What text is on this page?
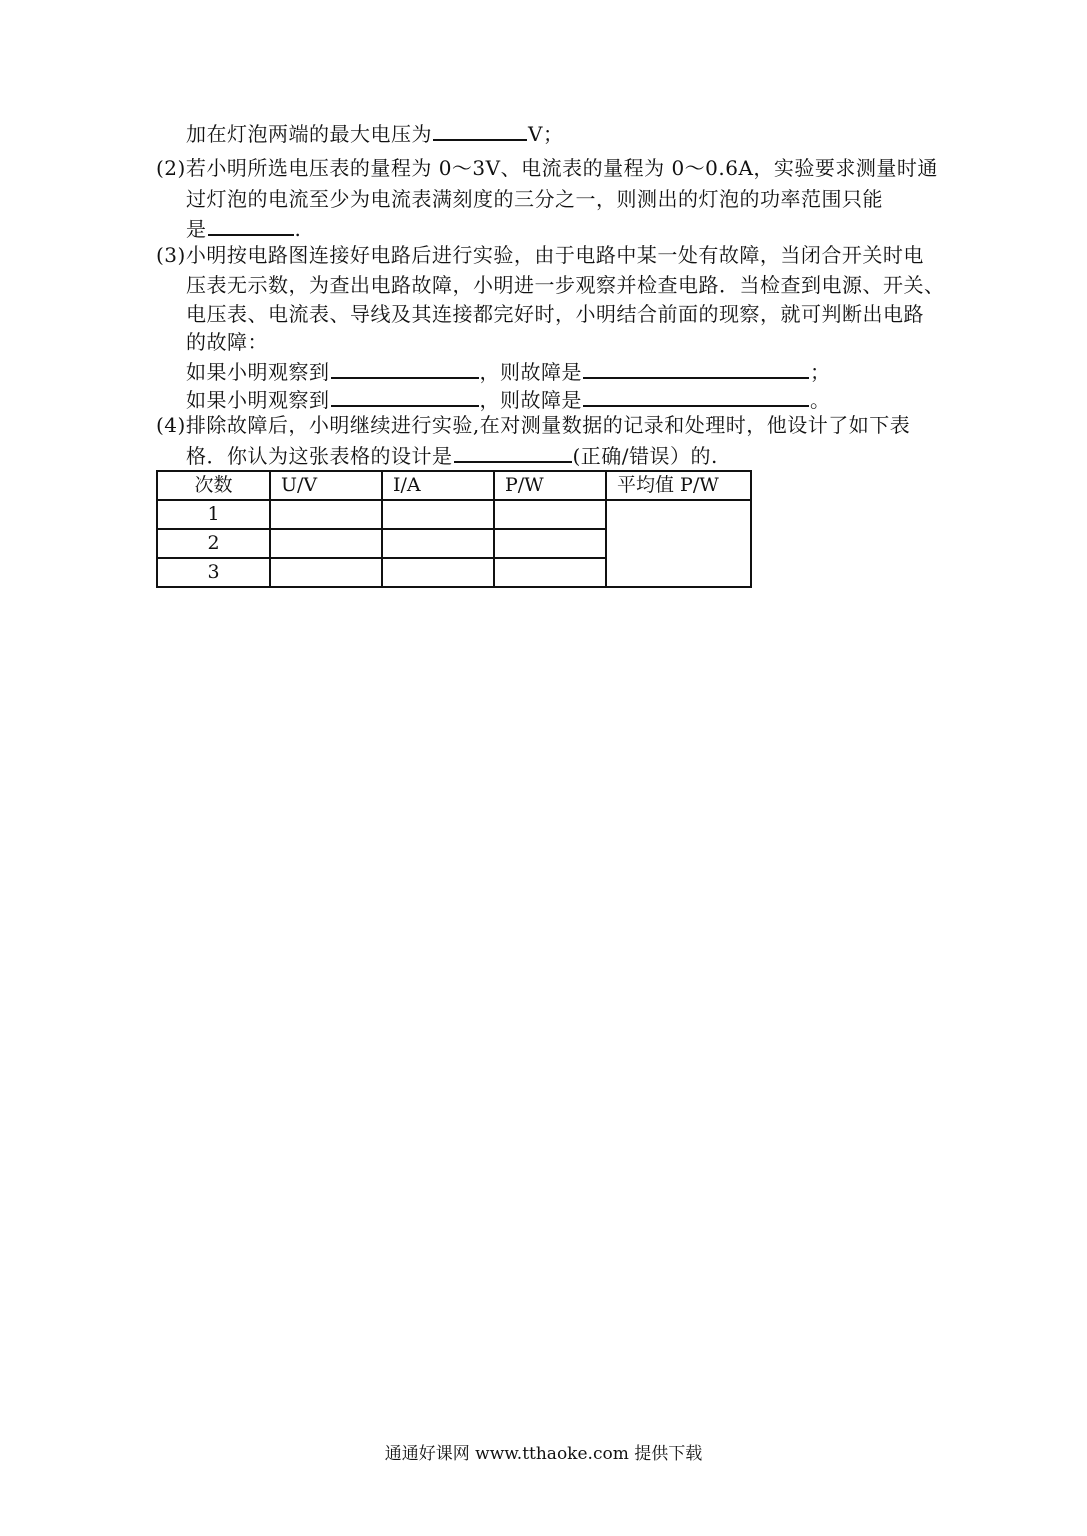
加在灯泡两端的最大电压为	V；
(2)若小明所选电压表的量程为 0～3V、电流表的量程为 0～0.6A，实验要求测量时通
过灯泡的电流至少为电流表满刻度的三分之一，则测出的灯泡的功率范围只能
是	.
(3)小明按电路图连接好电路后进行实验，由于电路中某一处有故障，当闭合开关时电
压表无示数，为查出电路故障，小明进一步观察并检查电路．当检查到电源、开关、
电压表、电流表、导线及其连接都完好时，小明结合前面的现察，就可判断出电路
的故障：
如果小明观察到	，则故障是	；
如果小明观察到	，则故障是	。
(4)排除故障后，小明继续进行实验,在对测量数据的记录和处理时，他设计了如下表
格．你认为这张表格的设计是	(正确/错误）的.
次数	U/V	I/A	P/W	平均值 P/W
1				
2				
3				
通通好课网 www.tthaoke.com 提供下载
